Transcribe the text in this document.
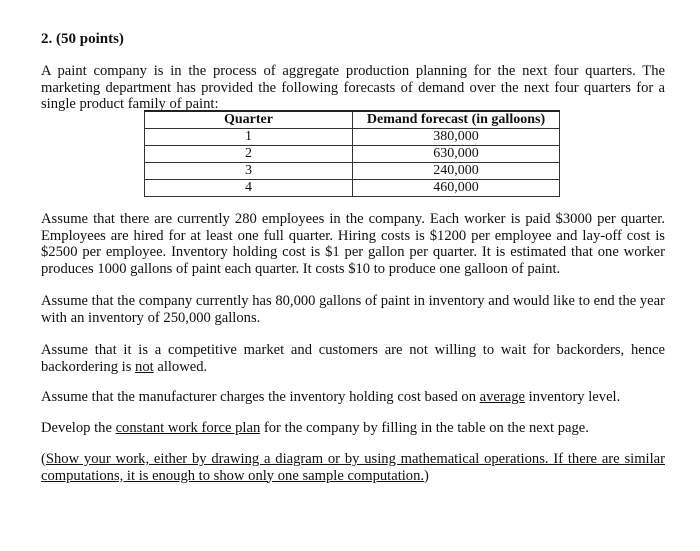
2. (50 points)

A paint company is in the process of aggregate production planning for the next four quarters. The marketing department has provided the following forecasts of demand over the next four quarters for a single product family of paint:

Quarter	Demand forecast (in galloons)
1	380,000
2	630,000
3	240,000
4	460,000

Assume that there are currently 280 employees in the company. Each worker is paid $3000 per quarter. Employees are hired for at least one full quarter. Hiring costs is $1200 per employee and lay-off cost is $2500 per employee. Inventory holding cost is $1 per gallon per quarter. It is estimated that one worker produces 1000 gallons of paint each quarter. It costs $10 to produce one galloon of paint.

Assume that the company currently has 80,000 gallons of paint in inventory and would like to end the year with an inventory of 250,000 gallons.

Assume that it is a competitive market and customers are not willing to wait for backorders, hence backordering is not allowed.

Assume that the manufacturer charges the inventory holding cost based on average inventory level.

Develop the constant work force plan for the company by filling in the table on the next page.

(Show your work, either by drawing a diagram or by using mathematical operations. If there are similar computations, it is enough to show only one sample computation.)
